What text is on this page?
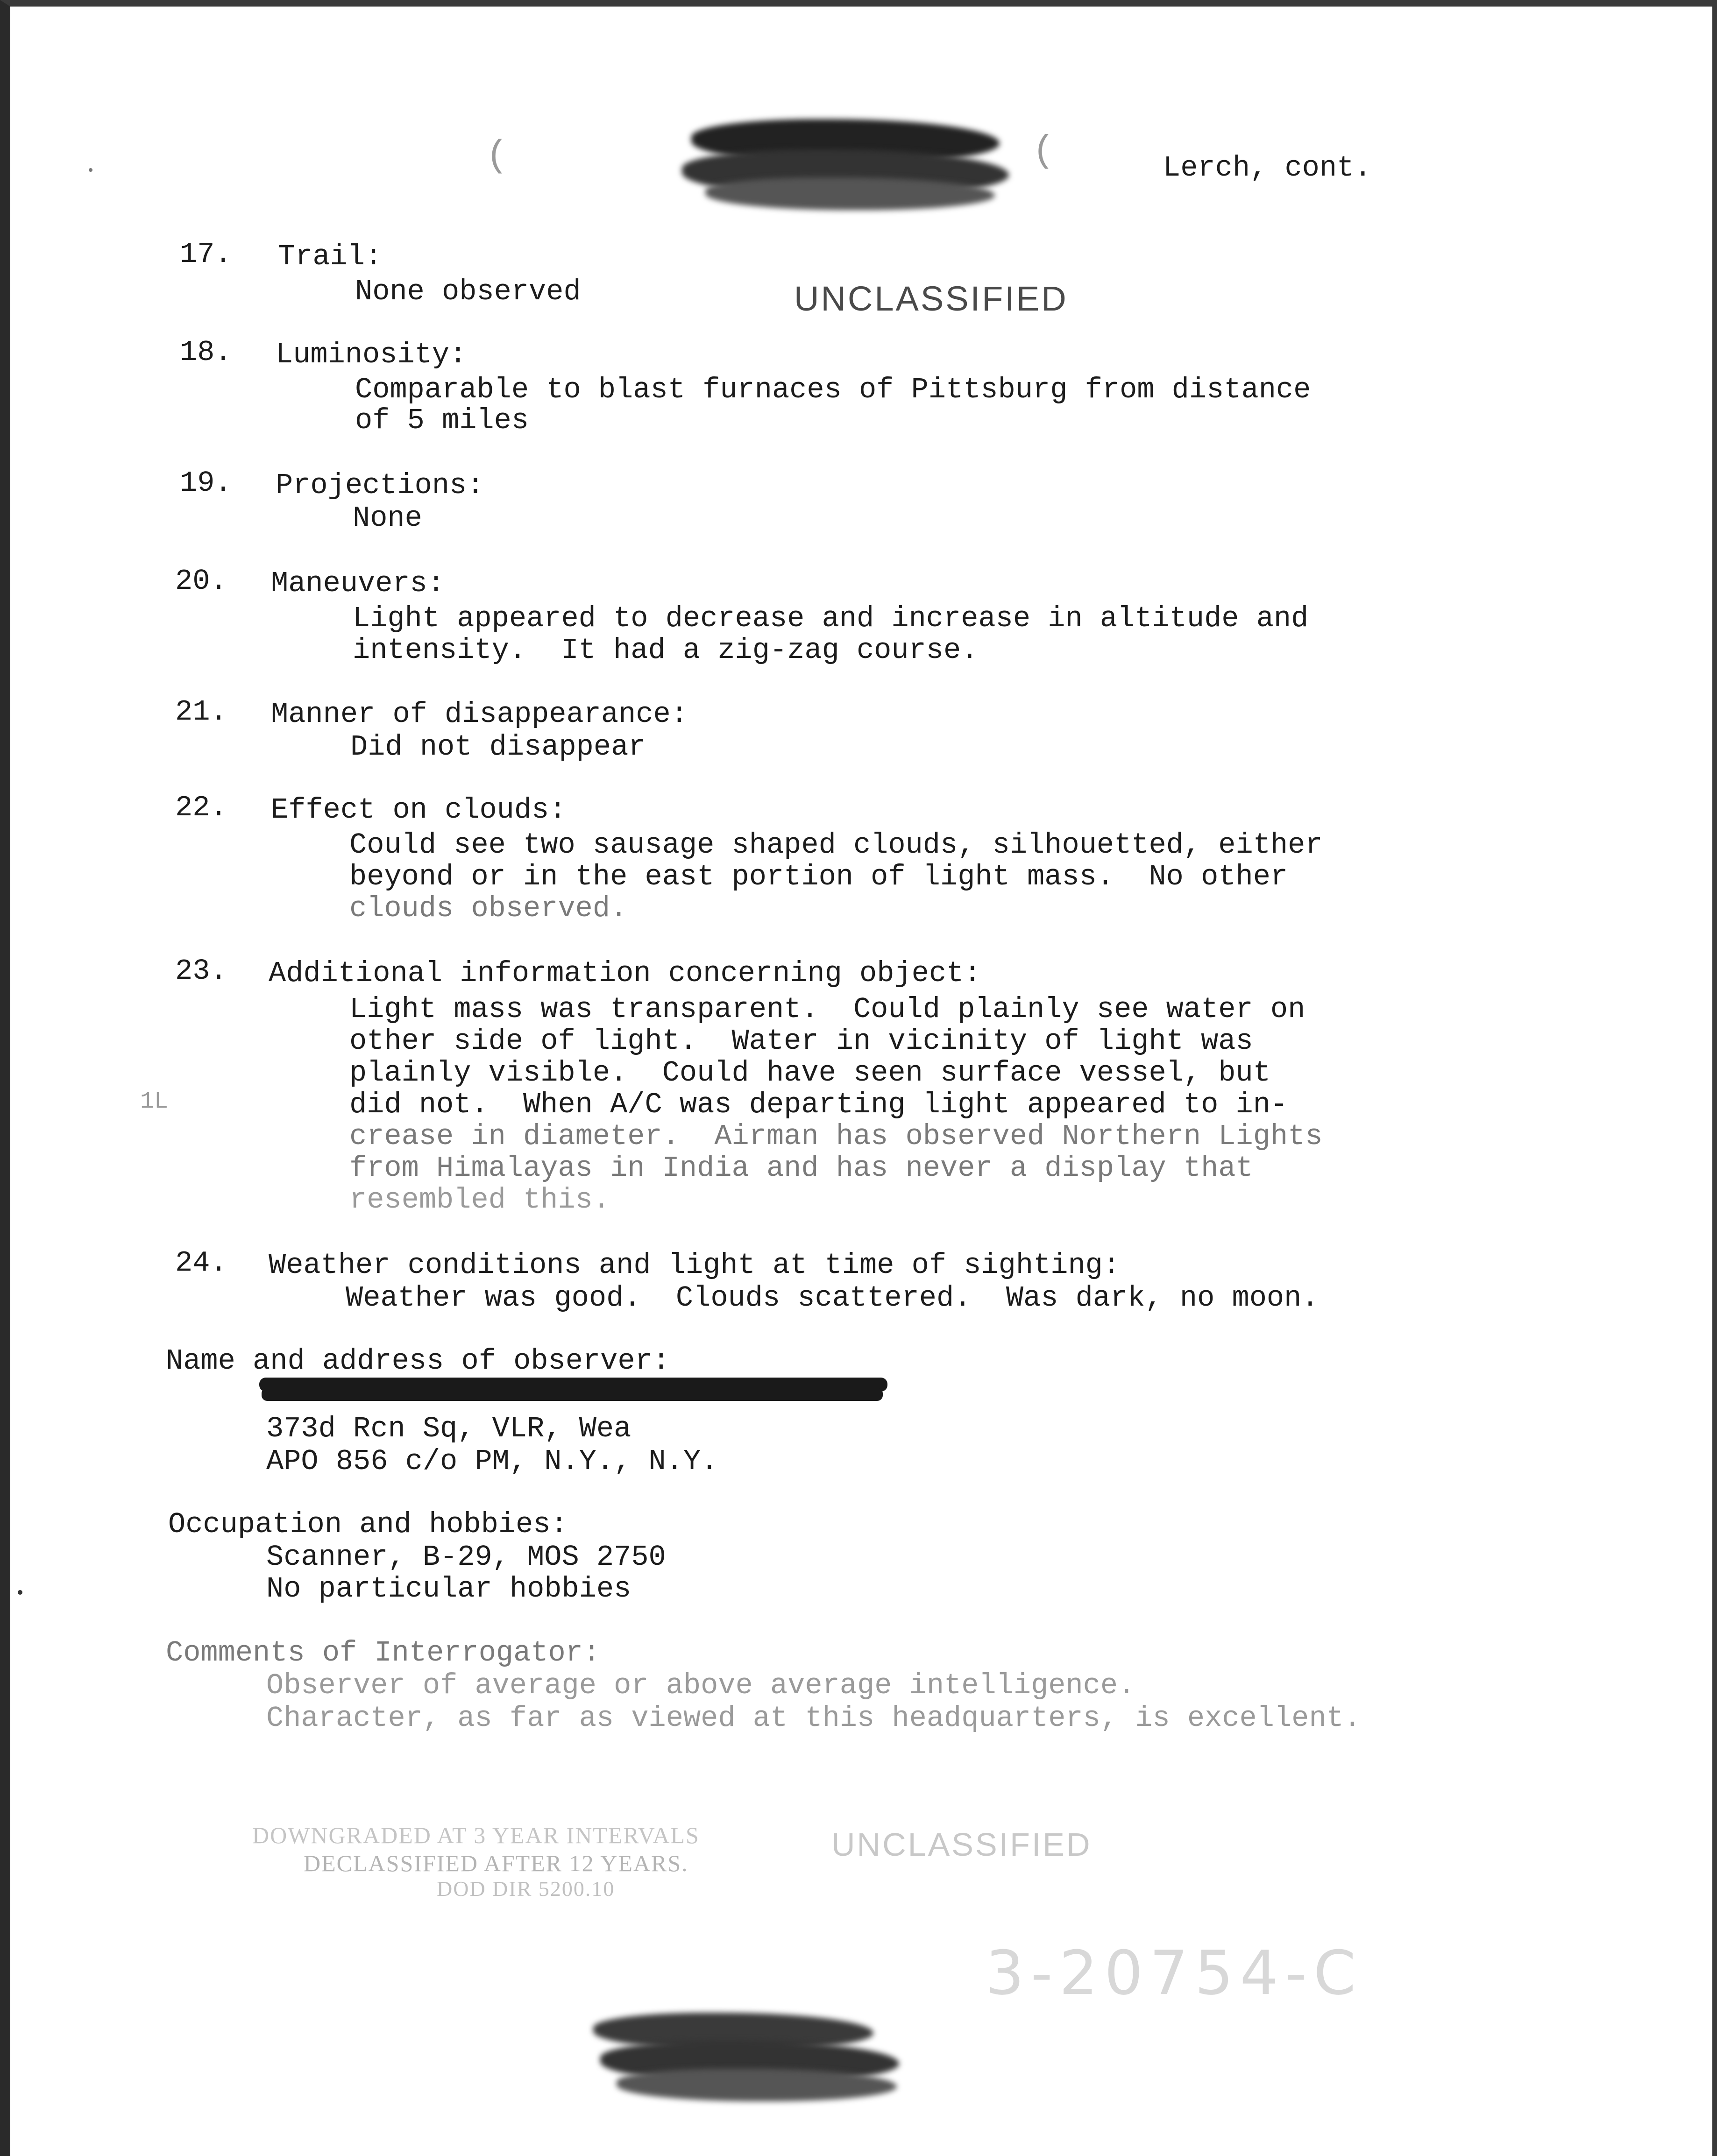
(	(	Lerch, cont.
UNCLASSIFIED
17. Trail:
None observed
18. Luminosity:
Comparable to blast furnaces of Pittsburg from distance
of 5 miles
19. Projections:
None
20. Maneuvers:
Light appeared to decrease and increase in altitude and
intensity.  It had a zig-zag course.
21. Manner of disappearance:
Did not disappear
22. Effect on clouds:
Could see two sausage shaped clouds, silhouetted, either
beyond or in the east portion of light mass.  No other
clouds observed.
23. Additional information concerning object:
Light mass was transparent.  Could plainly see water on
other side of light.  Water in vicinity of light was
plainly visible.  Could have seen surface vessel, but
did not.  When A/C was departing light appeared to in-
crease in diameter.  Airman has observed Northern Lights
from Himalayas in India and has never a display that
resembled this.
1L
24. Weather conditions and light at time of sighting:
Weather was good.  Clouds scattered.  Was dark, no moon.
Name and address of observer:
373d Rcn Sq, VLR, Wea
APO 856 c/o PM, N.Y., N.Y.
Occupation and hobbies:
Scanner, B-29, MOS 2750
No particular hobbies
Comments of Interrogator:
Observer of average or above average intelligence.
Character, as far as viewed at this headquarters, is excellent.
DOWNGRADED AT 3 YEAR INTERVALS
DECLASSIFIED AFTER 12 YEARS.
DOD DIR 5200.10
UNCLASSIFIED
3-20754-C
